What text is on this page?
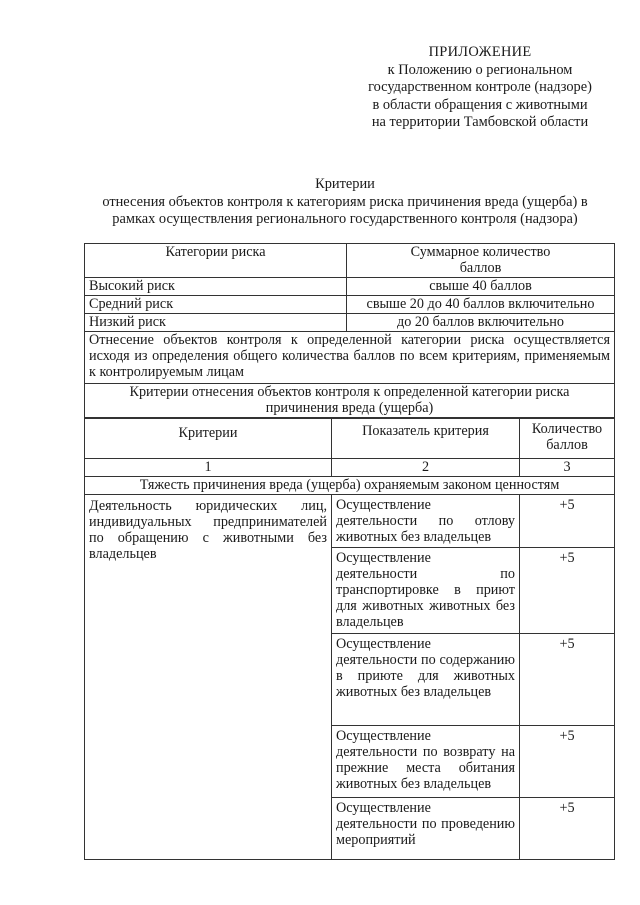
ПРИЛОЖЕНИЕ
к Положению о региональном
государственном контроле (надзоре)
в области обращения с животными
на территории Тамбовской области
Критерии
отнесения объектов контроля к категориям риска причинения вреда (ущерба) в
рамках осуществления регионального государственного контроля (надзора)
Категории риска	Суммарное количество баллов
Высокий риск	свыше 40 баллов
Средний риск	свыше 20 до 40 баллов включительно
Низкий риск	до 20 баллов включительно
Отнесение объектов контроля к определенной категории риска осуществляется исходя из определения общего количества баллов по всем критериям, применяемым к контролируемым лицам	
Критерии отнесения объектов контроля к определенной категории риска причинения вреда (ущерба)	
Критерии	Показатель критерия	Количество баллов
1	2	3
Тяжесть причинения вреда (ущерба) охраняемым законом ценностям		
Деятельность юридических лиц, индивидуальных предпринимателей по обращению с животными без владельцев	Осуществление деятельности по отлову животных без владельцев	+5
	Осуществление деятельности по транспортировке в приют для животных животных без владельцев	+5
	Осуществление деятельности по содержанию в приюте для животных животных без владельцев	+5
	Осуществление деятельности по возврату на прежние места обитания животных без владельцев	+5
	Осуществление деятельности по проведению мероприятий	+5
